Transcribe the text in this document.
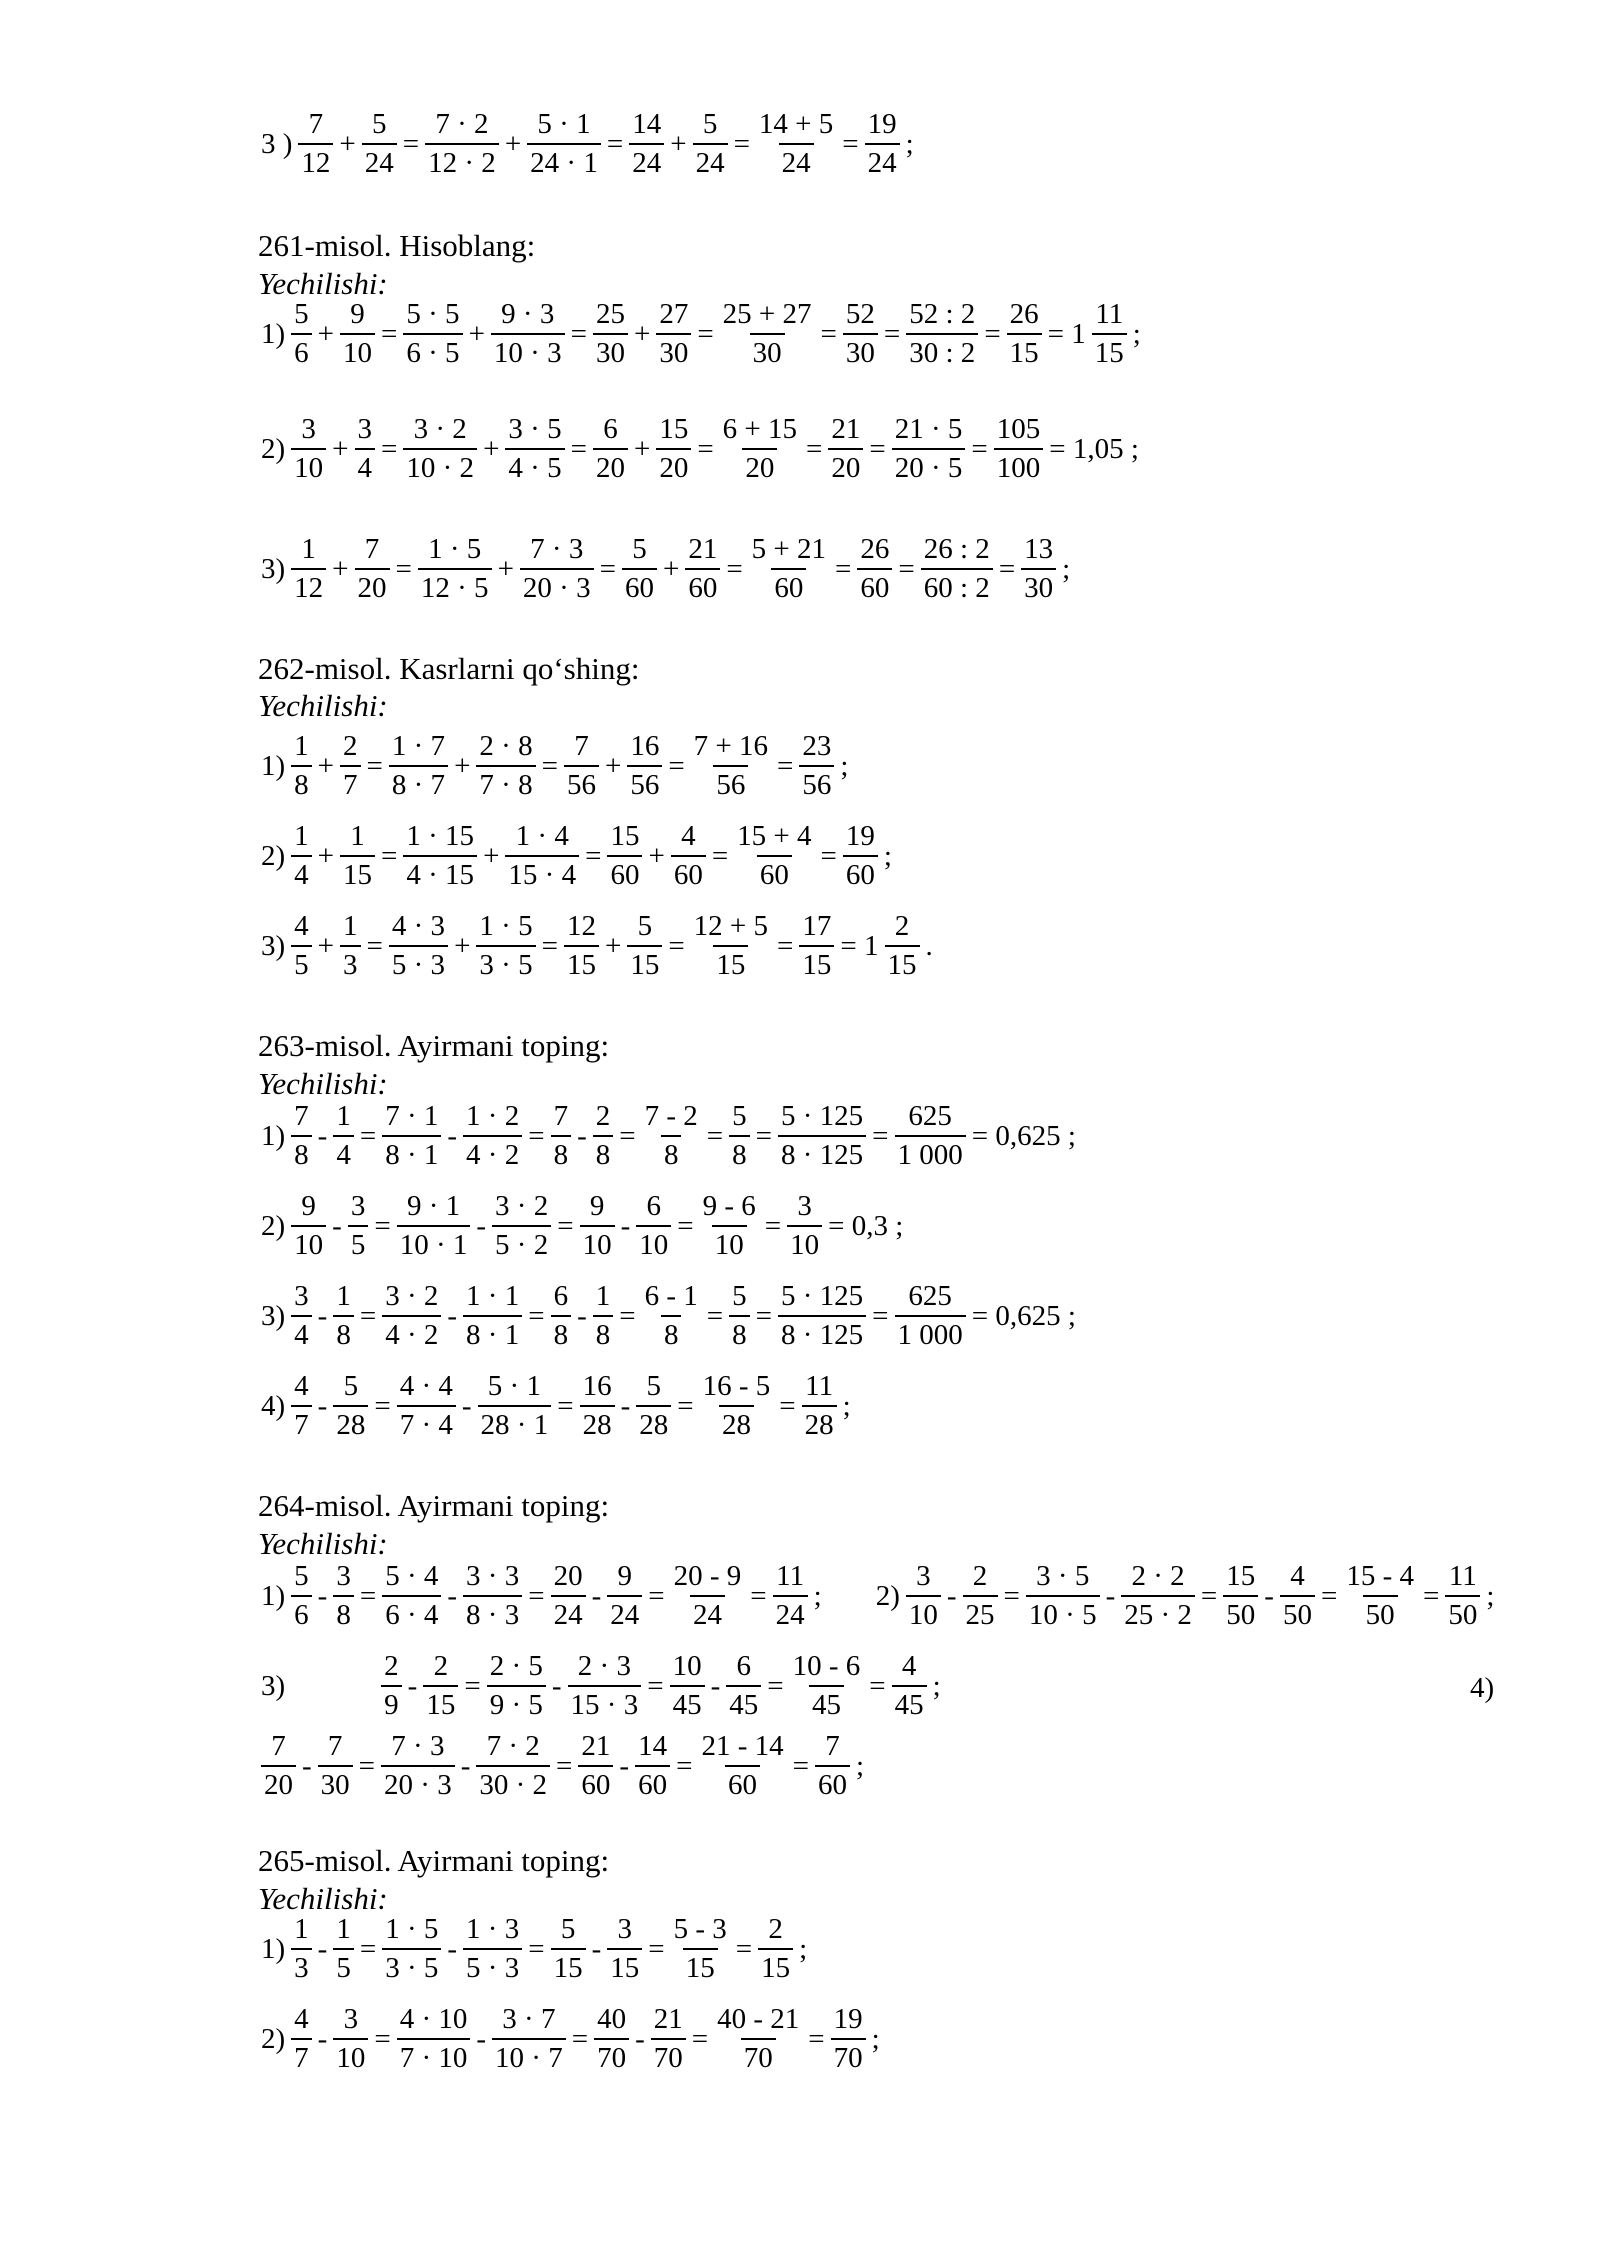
3 ) $\frac{7}{12} + \frac{5}{24} = \frac{7 \cdot 2}{12 \cdot 2} + \frac{5 \cdot 1}{24 \cdot 1} = \frac{14}{24} + \frac{5}{24} = \frac{14 + 5}{24} = \frac{19}{24}$ ;
261-misol. Hisoblang:
Yechilishi:
$1) \frac{5}{6} + \frac{9}{10} = \frac{5 \cdot 5}{6 \cdot 5} + \frac{9 \cdot 3}{10 \cdot 3} = \frac{25}{30} + \frac{27}{30} = \frac{25 + 27}{30} = \frac{52}{30} = \frac{52 : 2}{30 : 2} = \frac{26}{15} = 1 \frac{11}{15}$ ;
$2) \frac{3}{10} + \frac{3}{4} = \frac{3 \cdot 2}{10 \cdot 2} + \frac{3 \cdot 5}{4 \cdot 5} = \frac{6}{20} + \frac{15}{20} = \frac{6 + 15}{20} = \frac{21}{20} = \frac{21 \cdot 5}{20 \cdot 5} = \frac{105}{100} = 1,05$ ;
$3) \frac{1}{12} + \frac{7}{20} = \frac{1 \cdot 5}{12 \cdot 5} + \frac{7 \cdot 3}{20 \cdot 3} = \frac{5}{60} + \frac{21}{60} = \frac{5 + 21}{60} = \frac{26}{60} = \frac{26 : 2}{60 : 2} = \frac{13}{30}$ ;
262-misol. Kasrlarni qo‘shing:
Yechilishi:
$1) \frac{1}{8} + \frac{2}{7} = \frac{1 \cdot 7}{8 \cdot 7} + \frac{2 \cdot 8}{7 \cdot 8} = \frac{7}{56} + \frac{16}{56} = \frac{7 + 16}{56} = \frac{23}{56}$ ;
$2) \frac{1}{4} + \frac{1}{15} = \frac{1 \cdot 15}{4 \cdot 15} + \frac{1 \cdot 4}{15 \cdot 4} = \frac{15}{60} + \frac{4}{60} = \frac{15 + 4}{60} = \frac{19}{60}$ ;
$3) \frac{4}{5} + \frac{1}{3} = \frac{4 \cdot 3}{5 \cdot 3} + \frac{1 \cdot 5}{3 \cdot 5} = \frac{12}{15} + \frac{5}{15} = \frac{12 + 5}{15} = \frac{17}{15} = 1 \frac{2}{15}$ .
263-misol. Ayirmani toping:
Yechilishi:
$1) \frac{7}{8} - \frac{1}{4} = \frac{7 \cdot 1}{8 \cdot 1} - \frac{1 \cdot 2}{4 \cdot 2} = \frac{7}{8} - \frac{2}{8} = \frac{7 - 2}{8} = \frac{5}{8} = \frac{5 \cdot 125}{8 \cdot 125} = \frac{625}{1 000} = 0,625$ ;
$2) \frac{9}{10} - \frac{3}{5} = \frac{9 \cdot 1}{10 \cdot 1} - \frac{3 \cdot 2}{5 \cdot 2} = \frac{9}{10} - \frac{6}{10} = \frac{9 - 6}{10} = \frac{3}{10} = 0,3$ ;
$3) \frac{3}{4} - \frac{1}{8} = \frac{3 \cdot 2}{4 \cdot 2} - \frac{1 \cdot 1}{8 \cdot 1} = \frac{6}{8} - \frac{1}{8} = \frac{6 - 1}{8} = \frac{5}{8} = \frac{5 \cdot 125}{8 \cdot 125} = \frac{625}{1 000} = 0,625$ ;
$4) \frac{4}{7} - \frac{5}{28} = \frac{4 \cdot 4}{7 \cdot 4} - \frac{5 \cdot 1}{28 \cdot 1} = \frac{16}{28} - \frac{5}{28} = \frac{16 - 5}{28} = \frac{11}{28}$ ;
264-misol. Ayirmani toping:
Yechilishi:
$1) \frac{5}{6} - \frac{3}{8} = \frac{5 \cdot 4}{6 \cdot 4} - \frac{3 \cdot 3}{8 \cdot 3} = \frac{20}{24} - \frac{9}{24} = \frac{20 - 9}{24} = \frac{11}{24}$ ; $2) \frac{3}{10} - \frac{2}{25} = \frac{3 \cdot 5}{10 \cdot 5} - \frac{2 \cdot 2}{25 \cdot 2} = \frac{15}{50} - \frac{4}{50} = \frac{15 - 4}{50} = \frac{11}{50}$ ;
3)	$\frac{2}{9} - \frac{2}{15} = \frac{2 \cdot 5}{9 \cdot 5} - \frac{2 \cdot 3}{15 \cdot 3} = \frac{10}{45} - \frac{6}{45} = \frac{10 - 6}{45} = \frac{4}{45}$ ;	4)
$\frac{7}{20} - \frac{7}{30} = \frac{7 \cdot 3}{20 \cdot 3} - \frac{7 \cdot 2}{30 \cdot 2} = \frac{21}{60} - \frac{14}{60} = \frac{21 - 14}{60} = \frac{7}{60}$ ;
265-misol. Ayirmani toping:
Yechilishi:
$1) \frac{1}{3} - \frac{1}{5} = \frac{1 \cdot 5}{3 \cdot 5} - \frac{1 \cdot 3}{5 \cdot 3} = \frac{5}{15} - \frac{3}{15} = \frac{5 - 3}{15} = \frac{2}{15}$ ;
$2) \frac{4}{7} - \frac{3}{10} = \frac{4 \cdot 10}{7 \cdot 10} - \frac{3 \cdot 7}{10 \cdot 7} = \frac{40}{70} - \frac{21}{70} = \frac{40 - 21}{70} = \frac{19}{70}$ ;
